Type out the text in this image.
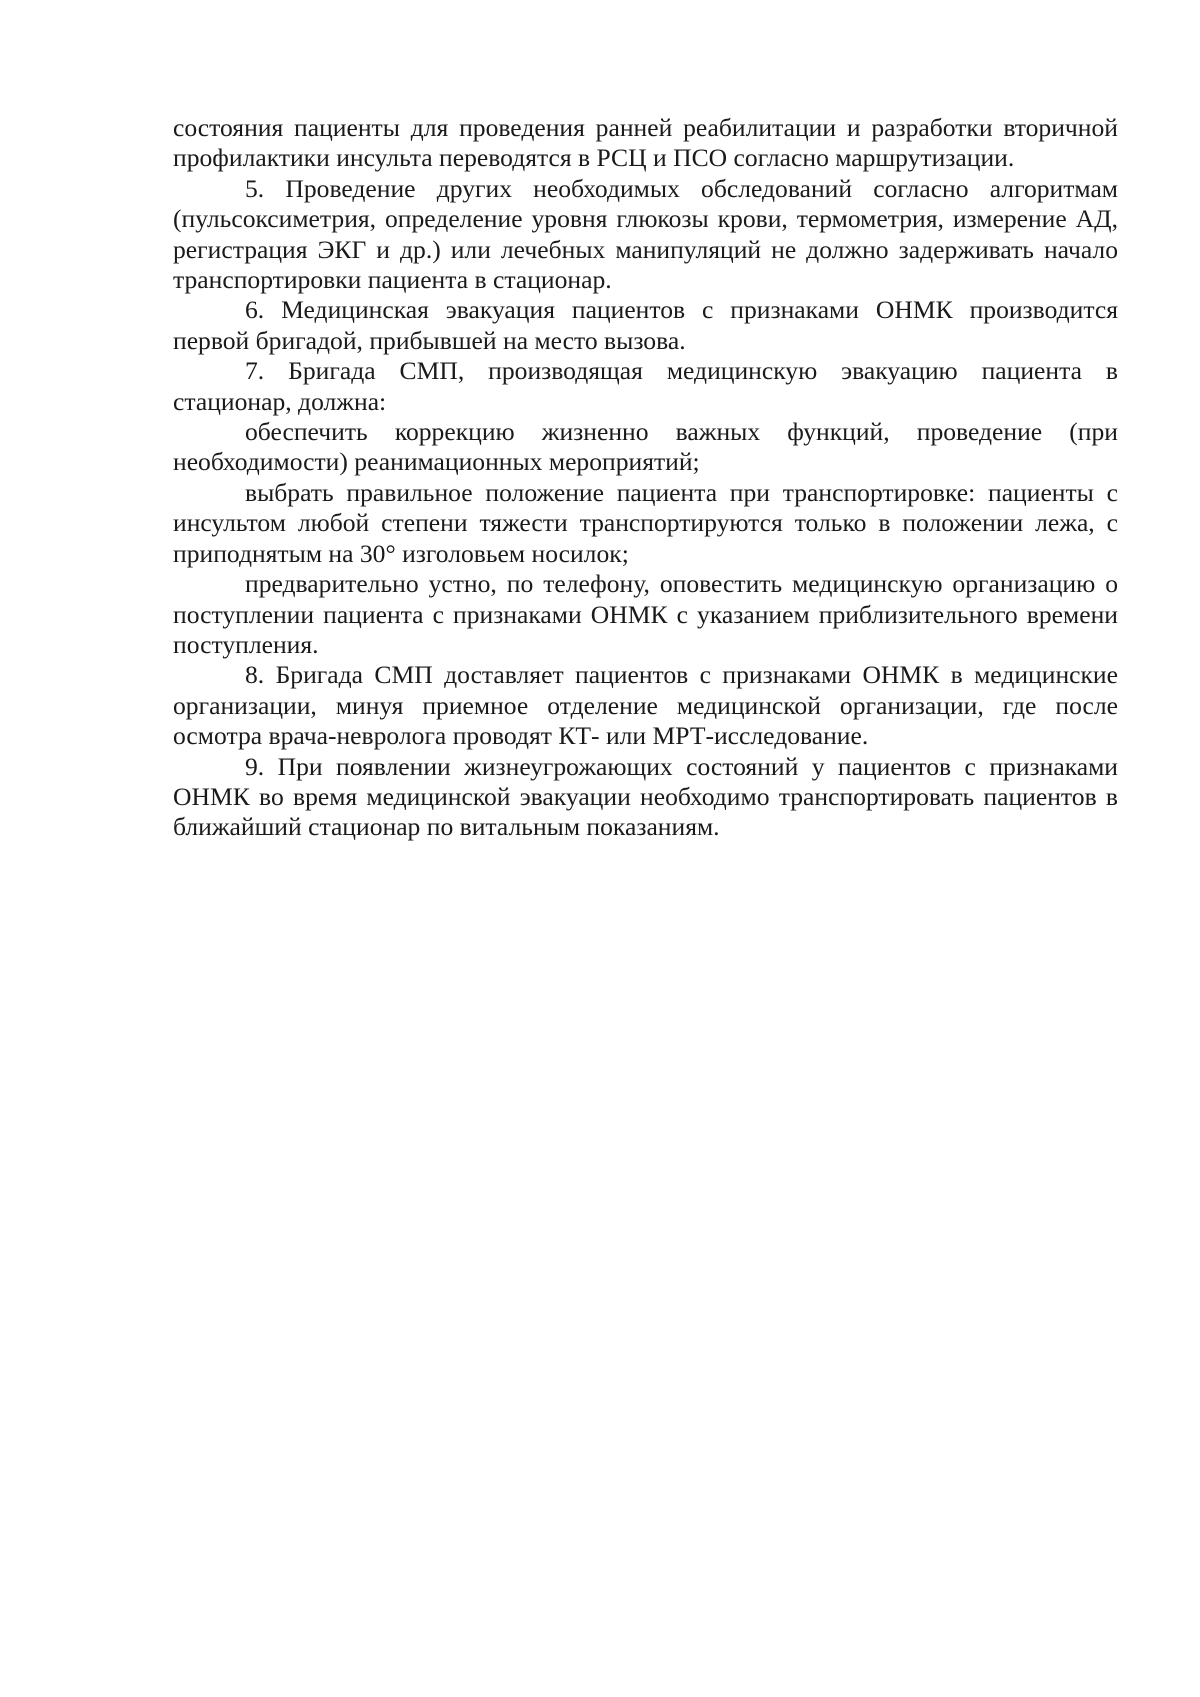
состояния пациенты для проведения ранней реабилитации и разработки вторичной профилактики инсульта переводятся в РСЦ и ПСО согласно маршрутизации.

5. Проведение других необходимых обследований согласно алгоритмам (пульсоксиметрия, определение уровня глюкозы крови, термометрия, измерение АД, регистрация ЭКГ и др.) или лечебных манипуляций не должно задерживать начало транспортировки пациента в стационар.

6. Медицинская эвакуация пациентов с признаками ОНМК производится первой бригадой, прибывшей на место вызова.

7. Бригада СМП, производящая медицинскую эвакуацию пациента в стационар, должна:

обеспечить коррекцию жизненно важных функций, проведение (при необходимости) реанимационных мероприятий;

выбрать правильное положение пациента при транспортировке: пациенты с инсультом любой степени тяжести транспортируются только в положении лежа, с приподнятым на 30° изголовьем носилок;

предварительно устно, по телефону, оповестить медицинскую организацию о поступлении пациента с признаками ОНМК с указанием приблизительного времени поступления.

8. Бригада СМП доставляет пациентов с признаками ОНМК в медицинские организации, минуя приемное отделение медицинской организации, где после осмотра врача-невролога проводят КТ- или МРТ-исследование.

9. При появлении жизнеугрожающих состояний у пациентов с признаками ОНМК во время медицинской эвакуации необходимо транспортировать пациентов в ближайший стационар по витальным показаниям.
